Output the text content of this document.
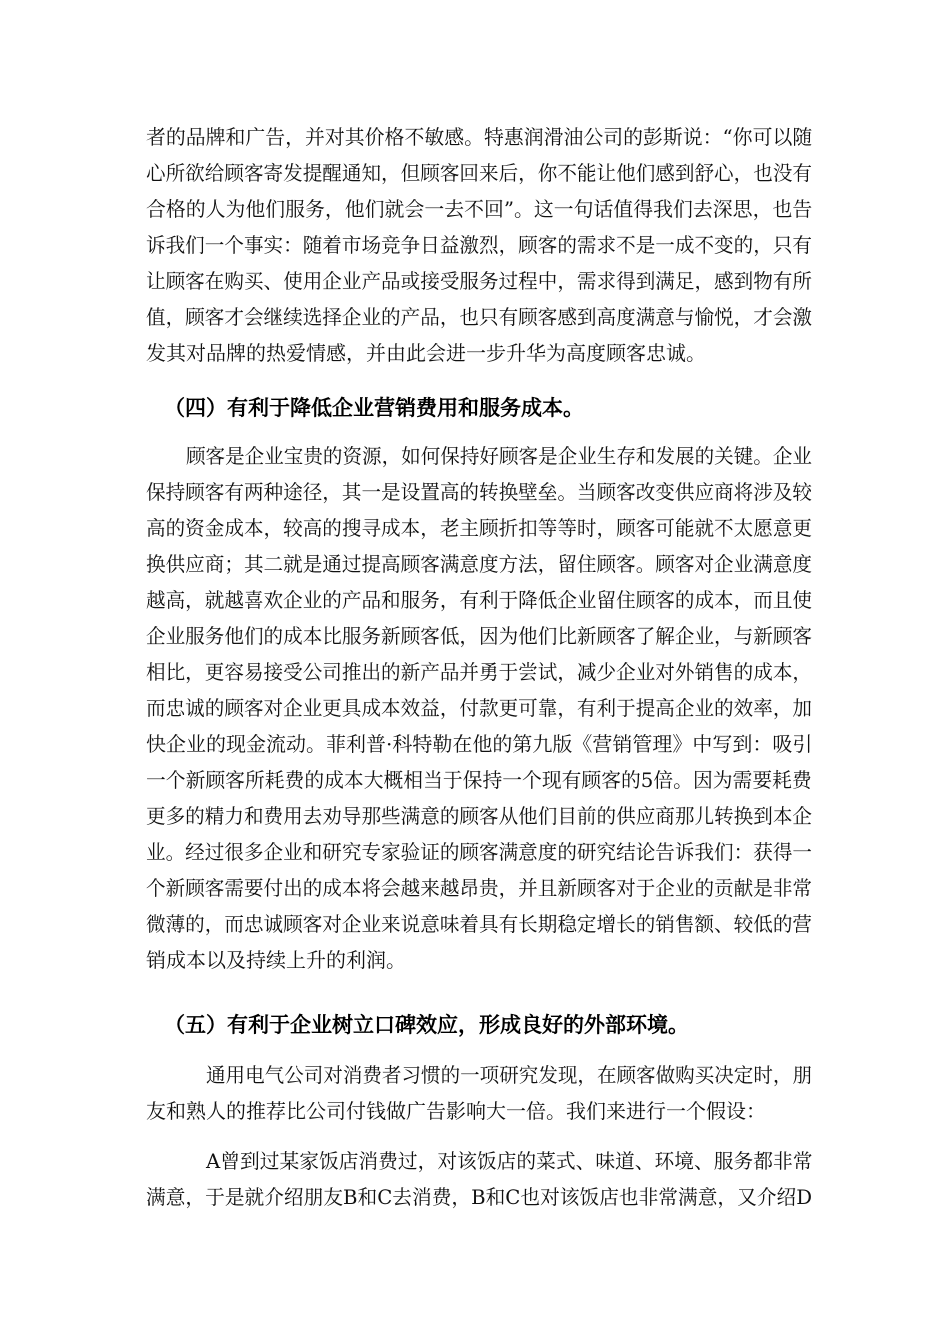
者的品牌和广告，并对其价格不敏感。特惠润滑油公司的彭斯说：“你可以随
心所欲给顾客寄发提醒通知，但顾客回来后，你不能让他们感到舒心，也没有
合格的人为他们服务，他们就会一去不回”。这一句话值得我们去深思，也告
诉我们一个事实：随着市场竞争日益激烈，顾客的需求不是一成不变的，只有
让顾客在购买、使用企业产品或接受服务过程中，需求得到满足，感到物有所
值，顾客才会继续选择企业的产品，也只有顾客感到高度满意与愉悦，才会激
发其对品牌的热爱情感，并由此会进一步升华为高度顾客忠诚。
（四）有利于降低企业营销费用和服务成本。
顾客是企业宝贵的资源，如何保持好顾客是企业生存和发展的关键。企业
保持顾客有两种途径，其一是设置高的转换壁垒。当顾客改变供应商将涉及较
高的资金成本，较高的搜寻成本，老主顾折扣等等时，顾客可能就不太愿意更
换供应商；其二就是通过提高顾客满意度方法，留住顾客。顾客对企业满意度
越高，就越喜欢企业的产品和服务，有利于降低企业留住顾客的成本，而且使
企业服务他们的成本比服务新顾客低，因为他们比新顾客了解企业，与新顾客
相比，更容易接受公司推出的新产品并勇于尝试，减少企业对外销售的成本，
而忠诚的顾客对企业更具成本效益，付款更可靠，有利于提高企业的效率，加
快企业的现金流动。菲利普·科特勒在他的第九版《营销管理》中写到：吸引
一个新顾客所耗费的成本大概相当于保持一个现有顾客的5倍。因为需要耗费
更多的精力和费用去劝导那些满意的顾客从他们目前的供应商那儿转换到本企
业。经过很多企业和研究专家验证的顾客满意度的研究结论告诉我们：获得一
个新顾客需要付出的成本将会越来越昂贵，并且新顾客对于企业的贡献是非常
微薄的，而忠诚顾客对企业来说意味着具有长期稳定增长的销售额、较低的营
销成本以及持续上升的利润。
（五）有利于企业树立口碑效应，形成良好的外部环境。
通用电气公司对消费者习惯的一项研究发现，在顾客做购买决定时，朋
友和熟人的推荐比公司付钱做广告影响大一倍。我们来进行一个假设：
A曾到过某家饭店消费过，对该饭店的菜式、味道、环境、服务都非常
满意，于是就介绍朋友B和C去消费，B和C也对该饭店也非常满意，又介绍D
